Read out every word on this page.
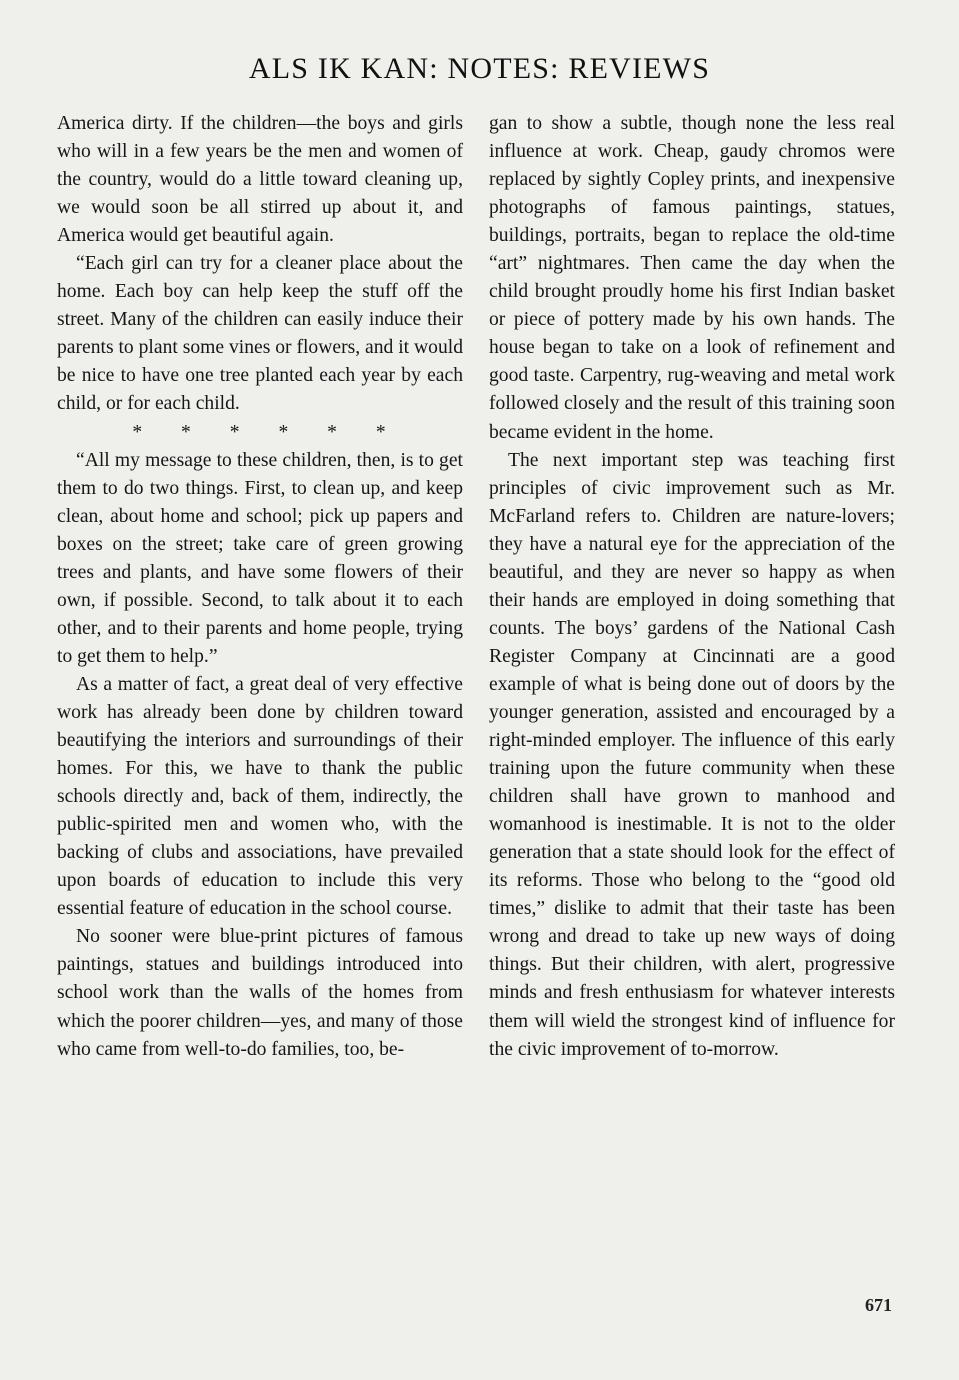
ALS IK KAN: NOTES: REVIEWS

America dirty. If the children—the boys and girls who will in a few years be the men and women of the country, would do a little toward cleaning up, we would soon be all stirred up about it, and America would get beautiful again.

“Each girl can try for a cleaner place about the home. Each boy can help keep the stuff off the street. Many of the children can easily induce their parents to plant some vines or flowers, and it would be nice to have one tree planted each year by each child, or for each child.

* * * * * *

“All my message to these children, then, is to get them to do two things. First, to clean up, and keep clean, about home and school; pick up papers and boxes on the street; take care of green growing trees and plants, and have some flowers of their own, if possible. Second, to talk about it to each other, and to their parents and home people, trying to get them to help.”

As a matter of fact, a great deal of very effective work has already been done by children toward beautifying the interiors and surroundings of their homes. For this, we have to thank the public schools directly and, back of them, indirectly, the public-spirited men and women who, with the backing of clubs and associations, have prevailed upon boards of education to include this very essential feature of education in the school course.

No sooner were blue-print pictures of famous paintings, statues and buildings introduced into school work than the walls of the homes from which the poorer children—yes, and many of those who came from well-to-do families, too, be-

gan to show a subtle, though none the less real influence at work. Cheap, gaudy chromos were replaced by sightly Copley prints, and inexpensive photographs of famous paintings, statues, buildings, portraits, began to replace the old-time “art” nightmares. Then came the day when the child brought proudly home his first Indian basket or piece of pottery made by his own hands. The house began to take on a look of refinement and good taste. Carpentry, rug-weaving and metal work followed closely and the result of this training soon became evident in the home.

The next important step was teaching first principles of civic improvement such as Mr. McFarland refers to. Children are nature-lovers; they have a natural eye for the appreciation of the beautiful, and they are never so happy as when their hands are employed in doing something that counts. The boys’ gardens of the National Cash Register Company at Cincinnati are a good example of what is being done out of doors by the younger generation, assisted and encouraged by a right-minded employer. The influence of this early training upon the future community when these children shall have grown to manhood and womanhood is inestimable. It is not to the older generation that a state should look for the effect of its reforms. Those who belong to the “good old times,” dislike to admit that their taste has been wrong and dread to take up new ways of doing things. But their children, with alert, progressive minds and fresh enthusiasm for whatever interests them will wield the strongest kind of influence for the civic improvement of to-morrow.

671
